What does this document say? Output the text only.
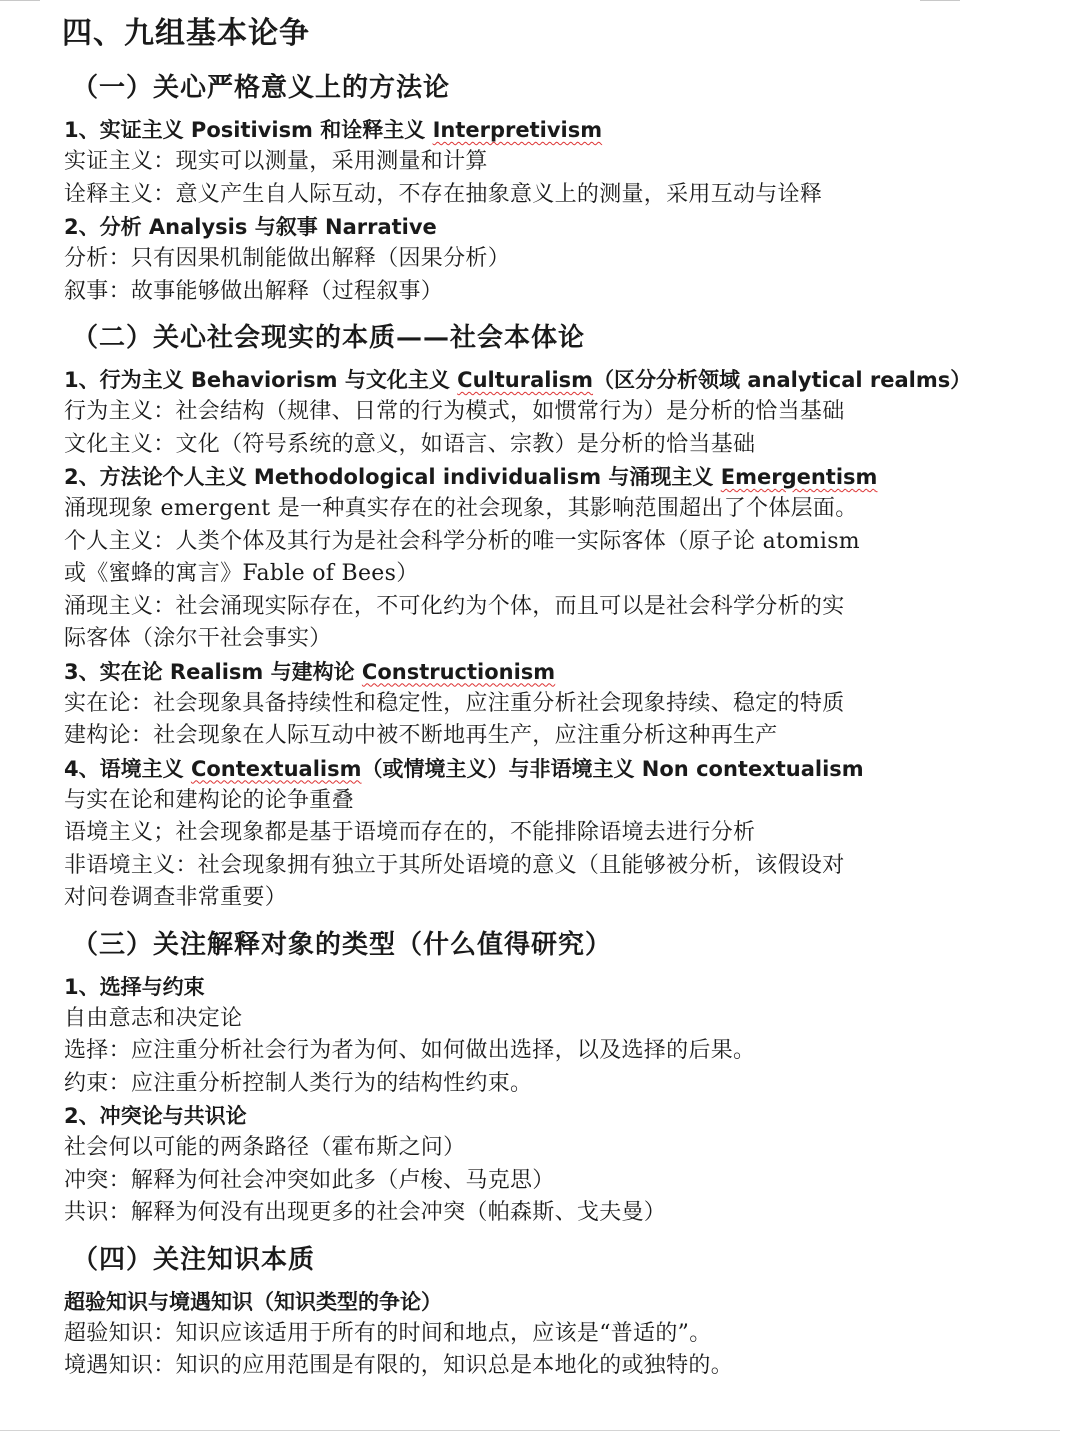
四、九组基本论争
（一）关心严格意义上的方法论
1、实证主义 Positivism 和诠释主义 Interpretivism
实证主义：现实可以测量，采用测量和计算
诠释主义：意义产生自人际互动，不存在抽象意义上的测量，采用互动与诠释
2、分析 Analysis 与叙事 Narrative
分析：只有因果机制能做出解释（因果分析）
叙事：故事能够做出解释（过程叙事）
（二）关心社会现实的本质——社会本体论
1、行为主义 Behaviorism 与文化主义 Culturalism（区分分析领域 analytical realms）
行为主义：社会结构（规律、日常的行为模式，如惯常行为）是分析的恰当基础
文化主义：文化（符号系统的意义，如语言、宗教）是分析的恰当基础
2、方法论个人主义 Methodological individualism 与涌现主义 Emergentism
涌现现象 emergent 是一种真实存在的社会现象，其影响范围超出了个体层面。
个人主义：人类个体及其行为是社会科学分析的唯一实际客体（原子论 atomism
或《蜜蜂的寓言》Fable of Bees）
涌现主义：社会涌现实际存在，不可化约为个体，而且可以是社会科学分析的实
际客体（涂尔干社会事实）
3、实在论 Realism 与建构论 Constructionism
实在论：社会现象具备持续性和稳定性，应注重分析社会现象持续、稳定的特质
建构论：社会现象在人际互动中被不断地再生产，应注重分析这种再生产
4、语境主义 Contextualism（或情境主义）与非语境主义 Non contextualism
与实在论和建构论的论争重叠
语境主义；社会现象都是基于语境而存在的，不能排除语境去进行分析
非语境主义：社会现象拥有独立于其所处语境的意义（且能够被分析，该假设对
对问卷调查非常重要）
（三）关注解释对象的类型（什么值得研究）
1、选择与约束
自由意志和决定论
选择：应注重分析社会行为者为何、如何做出选择，以及选择的后果。
约束：应注重分析控制人类行为的结构性约束。
2、冲突论与共识论
社会何以可能的两条路径（霍布斯之问）
冲突：解释为何社会冲突如此多（卢梭、马克思）
共识：解释为何没有出现更多的社会冲突（帕森斯、戈夫曼）
（四）关注知识本质
超验知识与境遇知识（知识类型的争论）
超验知识：知识应该适用于所有的时间和地点，应该是“普适的”。
境遇知识：知识的应用范围是有限的，知识总是本地化的或独特的。
